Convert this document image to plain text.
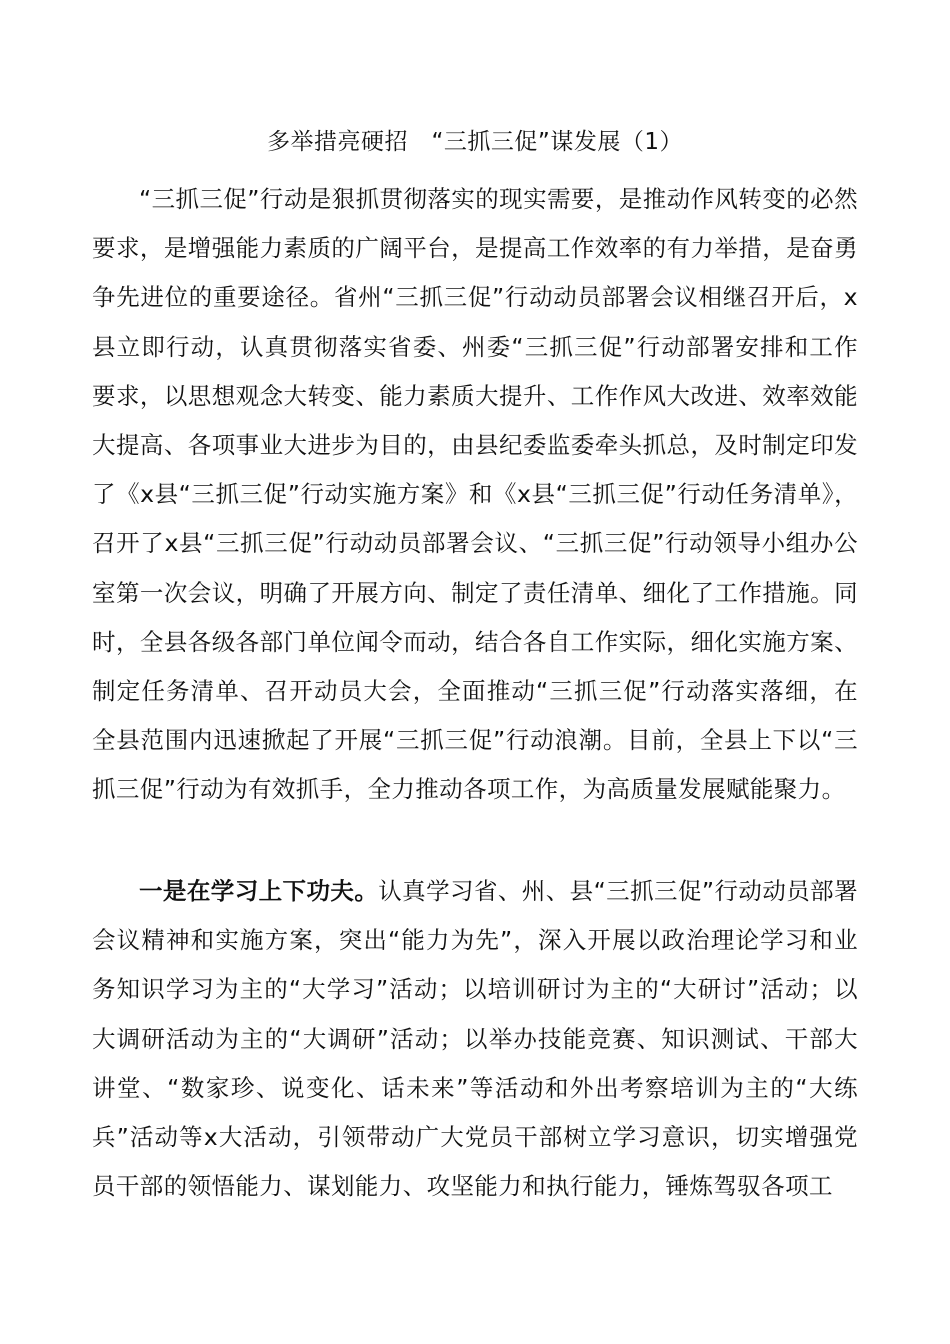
多举措亮硬招　“三抓三促”谋发展（1）

“三抓三促”行动是狠抓贯彻落实的现实需要，是推动作风转变的必然要求，是增强能力素质的广阔平台，是提高工作效率的有力举措，是奋勇争先进位的重要途径。省州“三抓三促”行动动员部署会议相继召开后，x县立即行动，认真贯彻落实省委、州委“三抓三促”行动部署安排和工作要求，以思想观念大转变、能力素质大提升、工作作风大改进、效率效能大提高、各项事业大进步为目的，由县纪委监委牵头抓总，及时制定印发了《x县“三抓三促”行动实施方案》和《x县“三抓三促”行动任务清单》，召开了x县“三抓三促”行动动员部署会议、“三抓三促”行动领导小组办公室第一次会议，明确了开展方向、制定了责任清单、细化了工作措施。同时，全县各级各部门单位闻令而动，结合各自工作实际，细化实施方案、制定任务清单、召开动员大会，全面推动“三抓三促”行动落实落细，在全县范围内迅速掀起了开展“三抓三促”行动浪潮。目前，全县上下以“三抓三促”行动为有效抓手，全力推动各项工作，为高质量发展赋能聚力。

一是在学习上下功夫。认真学习省、州、县“三抓三促”行动动员部署会议精神和实施方案，突出“能力为先”，深入开展以政治理论学习和业务知识学习为主的“大学习”活动；以培训研讨为主的“大研讨”活动；以大调研活动为主的“大调研”活动；以举办技能竞赛、知识测试、干部大讲堂、“数家珍、说变化、话未来”等活动和外出考察培训为主的“大练兵”活动等x大活动，引领带动广大党员干部树立学习意识，切实增强党员干部的领悟能力、谋划能力、攻坚能力和执行能力，锤炼驾驭各项工
